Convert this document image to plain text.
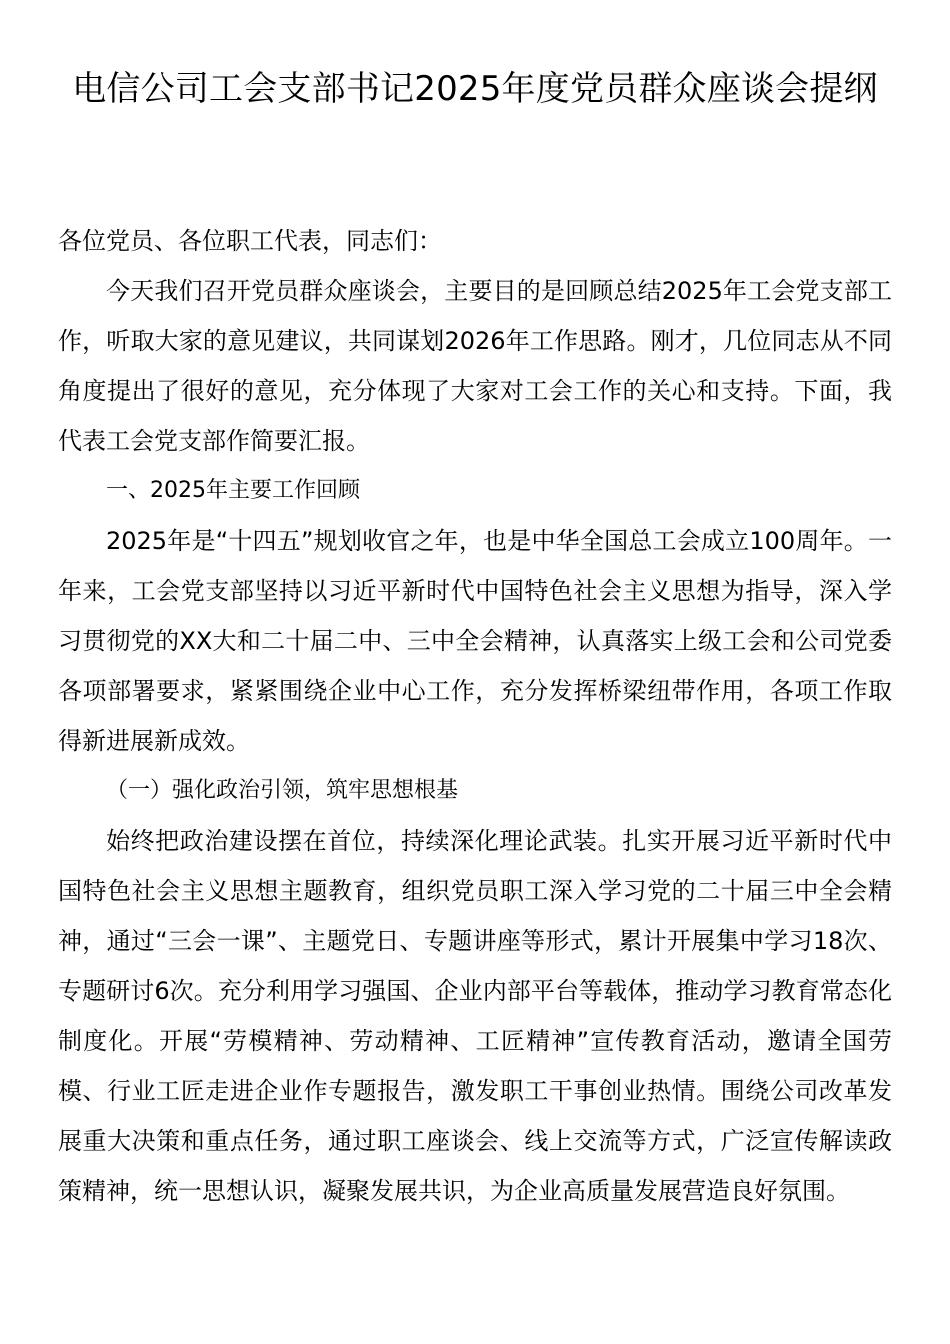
电信公司工会支部书记2025年度党员群众座谈会提纲

各位党员、各位职工代表，同志们：

今天我们召开党员群众座谈会，主要目的是回顾总结2025年工会党支部工作，听取大家的意见建议，共同谋划2026年工作思路。刚才，几位同志从不同角度提出了很好的意见，充分体现了大家对工会工作的关心和支持。下面，我代表工会党支部作简要汇报。

一、2025年主要工作回顾

2025年是“十四五”规划收官之年，也是中华全国总工会成立100周年。一年来，工会党支部坚持以习近平新时代中国特色社会主义思想为指导，深入学习贯彻党的XX大和二十届二中、三中全会精神，认真落实上级工会和公司党委各项部署要求，紧紧围绕企业中心工作，充分发挥桥梁纽带作用，各项工作取得新进展新成效。

（一）强化政治引领，筑牢思想根基

始终把政治建设摆在首位，持续深化理论武装。扎实开展习近平新时代中国特色社会主义思想主题教育，组织党员职工深入学习党的二十届三中全会精神，通过“三会一课”、主题党日、专题讲座等形式，累计开展集中学习18次、专题研讨6次。充分利用学习强国、企业内部平台等载体，推动学习教育常态化制度化。开展“劳模精神、劳动精神、工匠精神”宣传教育活动，邀请全国劳模、行业工匠走进企业作专题报告，激发职工干事创业热情。围绕公司改革发展重大决策和重点任务，通过职工座谈会、线上交流等方式，广泛宣传解读政策精神，统一思想认识，凝聚发展共识，为企业高质量发展营造良好氛围。
